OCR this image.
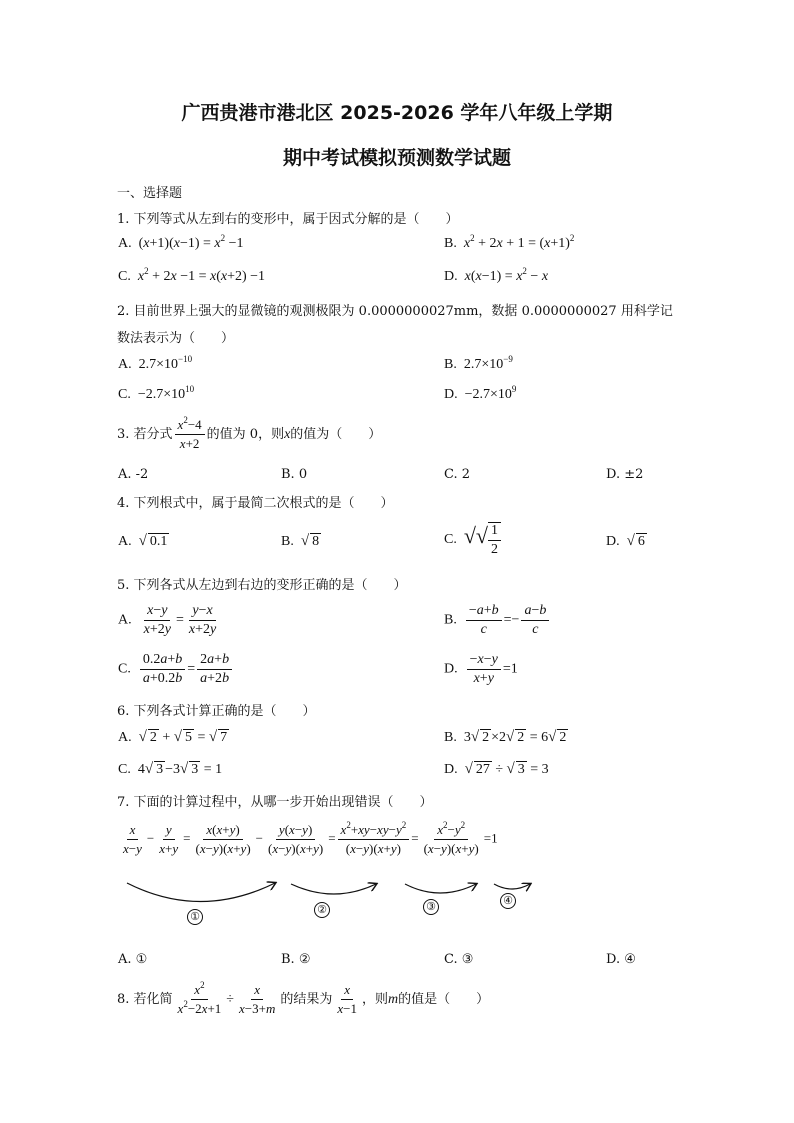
广西贵港市港北区 2025-2026 学年八年级上学期
期中考试模拟预测数学试题
一、选择题
1. 下列等式从左到右的变形中，属于因式分解的是（　　）
A.  $(x+1)(x-1) = x^2 -1$	B. $x^2 + 2x + 1 = (x+1)^2$
C. $x^2 + 2x -1 = x(x+2) -1$	D. $x(x-1) = x^2 - x$
2. 目前世界上强大的显微镜的观测极限为 0.0000000027mm，数据 0.0000000027 用科学记
数法表示为（　　）
A.  $2.7\times 10^{-10}$	B.  $2.7\times 10^{-9}$
C.  $-2.7\times 10^{10}$	D.  $-2.7\times 10^9$
3. 若分式 $\frac{x^2-4}{x+2}$ 的值为 0，则x的值为（　　）
A. -2	B. 0	C. 2	D. ±2
4. 下列根式中，属于最简二次根式的是（　　）
A. √ 0.1	B. √ 8	C. √ √ $\frac{1}{2}$	D. √ 6
5. 下列各式从左边到右边的变形正确的是（　　）
A. $\frac{x-y}{x+2y} = \frac{y-x}{x+2y}$	B. $\frac{-a+b}{c} =- \frac{a-b}{c}$
C. $\frac{0.2a+b}{a+0.2b} = \frac{2a+b}{a+2b}$	D. $\frac{-x-y}{x+y} =1$
6. 下列各式计算正确的是（　　）
A. √ 2 + √ 5 = √ 7	B.  3 √ 2 ×2 √ 2 = 6 √ 2
C.  4 √ 3 −3 √ 3 = 1	D. √ 27 ÷ √ 3 = 3
7. 下面的计算过程中，从哪一步开始出现错误（　　）
$\frac{x}{x-y} - \frac{y}{x+y} = \frac{x(x+y)}{(x-y)(x+y)} - \frac{y(x-y)}{(x-y)(x+y)} = \frac{x^2+xy-xy-y^2}{(x-y)(x+y)} = \frac{x^2-y^2}{(x-y)(x+y)} =1$
①
②	③	④
A. ①	B. ②	C. ③	D. ④
8. 若化简 $\frac{x^2}{x^2-2x+1} \div \frac{x}{x-3+m}$ 的结果为 $\frac{x}{x-1}$ ，则m的值是（　　）
